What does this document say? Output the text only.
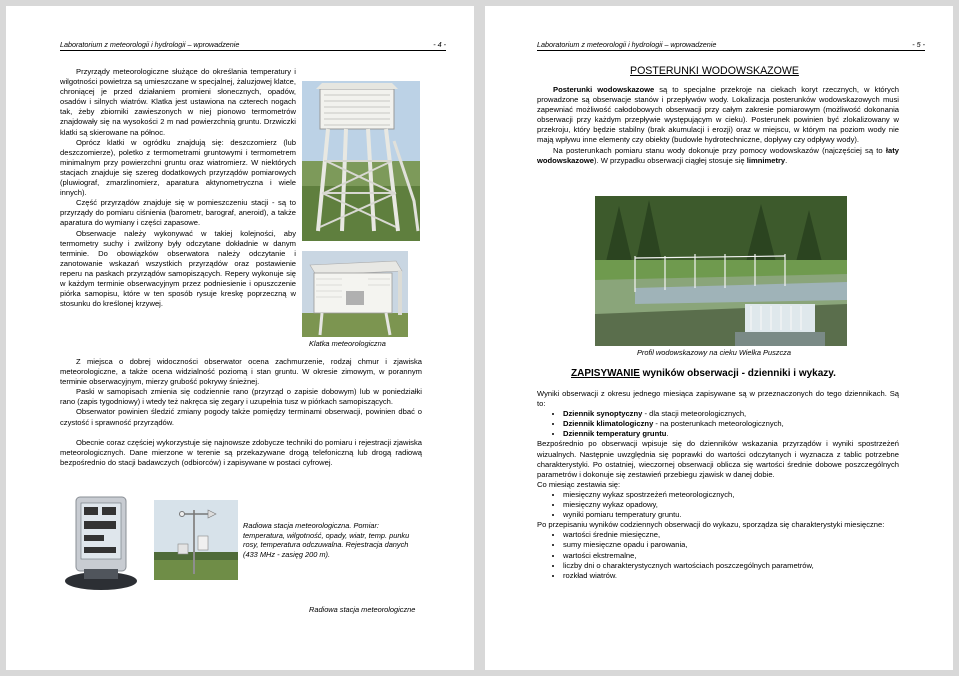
Laboratorium z meteorologii i hydrologii – wprowadzenie	- 4 -

Przyrządy meteorologiczne służące do określania temperatury i wilgotności powietrza są umieszczane w specjalnej, żaluzjowej klatce, chroniącej je przed działaniem promieni słonecznych, opadów, osadów i silnych wiatrów. Klatka jest ustawiona na czterech nogach tak, żeby zbiorniki zawieszonych w niej pionowo termometrów znajdowały się na wysokości 2 m nad powierzchnią gruntu. Drzwiczki klatki są skierowane na północ.

Oprócz klatki w ogródku znajdują się: deszczomierz (lub deszczomierze), poletko z termometrami gruntowymi i termometrem minimalnym przy powierzchni gruntu oraz wiatromierz. W niektórych stacjach znajduje się szereg dodatkowych przyrządów pomiarowych (pluwiograf, zmarzlinomierz, aparatura aktynometryczna i wiele innych).

Część przyrządów znajduje się w pomieszczeniu stacji - są to przyrządy do pomiaru ciśnienia (barometr, barograf, aneroid), a także aparatura do wymiany i części zapasowe.

Obserwacje należy wykonywać w takiej kolejności, aby termometry suchy i zwilżony były odczytane dokładnie w danym terminie. Do obowiązków obserwatora należy odczytanie i zanotowanie wskazań wszystkich przyrządów oraz postawienie reperu na paskach przyrządów samopiszących. Repery wykonuje się w każdym terminie obserwacyjnym przez podniesienie i opuszczenie piórka samopisu, które w ten sposób rysuje kreskę poprzeczną w stosunku do kreślonej krzywej.

Klatka meteorologiczna

Z miejsca o dobrej widoczności obserwator ocena zachmurzenie, rodzaj chmur i zjawiska meteorologiczne, a także ocena widzialność poziomą i stan gruntu. W okresie zimowym, w porannym terminie obserwacyjnym, mierzy grubość pokrywy śnieżnej.

Paski w samopisach zmienia się codziennie rano (przyrząd o zapisie dobowym) lub w poniedziałki rano (zapis tygodniowy) i wtedy też nakręca się zegary i uzupełnia tusz w piórkach samopiszących.

Obserwator powinien śledzić zmiany pogody także pomiędzy terminami obserwacji, powinien dbać o czystość i sprawność przyrządów.

Obecnie coraz częściej wykorzystuje się najnowsze zdobycze techniki do pomiaru i rejestracji zjawiska meteorologicznych. Dane mierzone w terenie są przekazywane drogą telefoniczną lub drogą radiową bezpośrednio do stacji badawczych (odbiorców) i zapisywane w postaci cyfrowej.

Radiowa stacja meteorologiczna. Pomiar: temperatura, wilgotność, opady, wiatr, temp. punku rosy, temperatura odczuwalna. Rejestracja danych (433 MHz - zasięg 200 m).
Radiowa stacja meteorologiczne
Laboratorium z meteorologii i hydrologii – wprowadzenie	- 5 -
POSTERUNKI WODOWSKAZOWE

Posterunki wodowskazowe są to specjalne przekroje na ciekach koryt rzecznych, w których prowadzone są obserwacje stanów i przepływów wody. Lokalizacja posterunków wodowskazowych musi zapewniać możliwość całodobowych obserwacji przy całym zakresie pomiarowym (możliwość dokonania obserwacji przy każdym przepływie występującym w cieku). Posterunek powinien być zlokalizowany w przekroju, który będzie stabilny (brak akumulacji i erozji) oraz w miejscu, w którym na poziom wody nie mają wpływu inne elementy czy obiekty (budowle hydrotechniczne, dopływy czy odpływy wody).

Na posterunkach pomiaru stanu wody dokonuje przy pomocy wodowskazów (najczęściej są to łaty wodowskazowe). W przypadku obserwacji ciągłej stosuje się limnimetry.

Profil wodowskazowy na cieku Wielka Puszcza
ZAPISYWANIE wyników obserwacji - dzienniki i wykazy.

Wyniki obserwacji z okresu jednego miesiąca zapisywane są w przeznaczonych do tego dziennikach. Są to:

• Dziennik synoptyczny - dla stacji meteorologicznych,
• Dziennik klimatologiczny - na posterunkach meteorologicznych,
• Dziennik temperatury gruntu.

Bezpośrednio po obserwacji wpisuje się do dzienników wskazania przyrządów i wyniki spostrzeżeń wizualnych. Następnie uwzględnia się poprawki do wartości odczytanych i wyznacza z tablic potrzebne charakterystyki. Po ostatniej, wieczornej obserwacji oblicza się wartości średnie dobowe poszczególnych parametrów i dokonuje się zestawień przebiegu zjawisk w danej dobie.

Co miesiąc zestawia się:

• miesięczny wykaz spostrzeżeń meteorologicznych,
• miesięczny wykaz opadowy,
• wyniki pomiaru temperatury gruntu.

Po przepisaniu wyników codziennych obserwacji do wykazu, sporządza się charakterystyki miesięczne:

• wartości średnie miesięczne,
• sumy miesięczne opadu i parowania,
• wartości ekstremalne,
• liczby dni o charakterystycznych wartościach poszczególnych parametrów,
• rozkład wiatrów.
